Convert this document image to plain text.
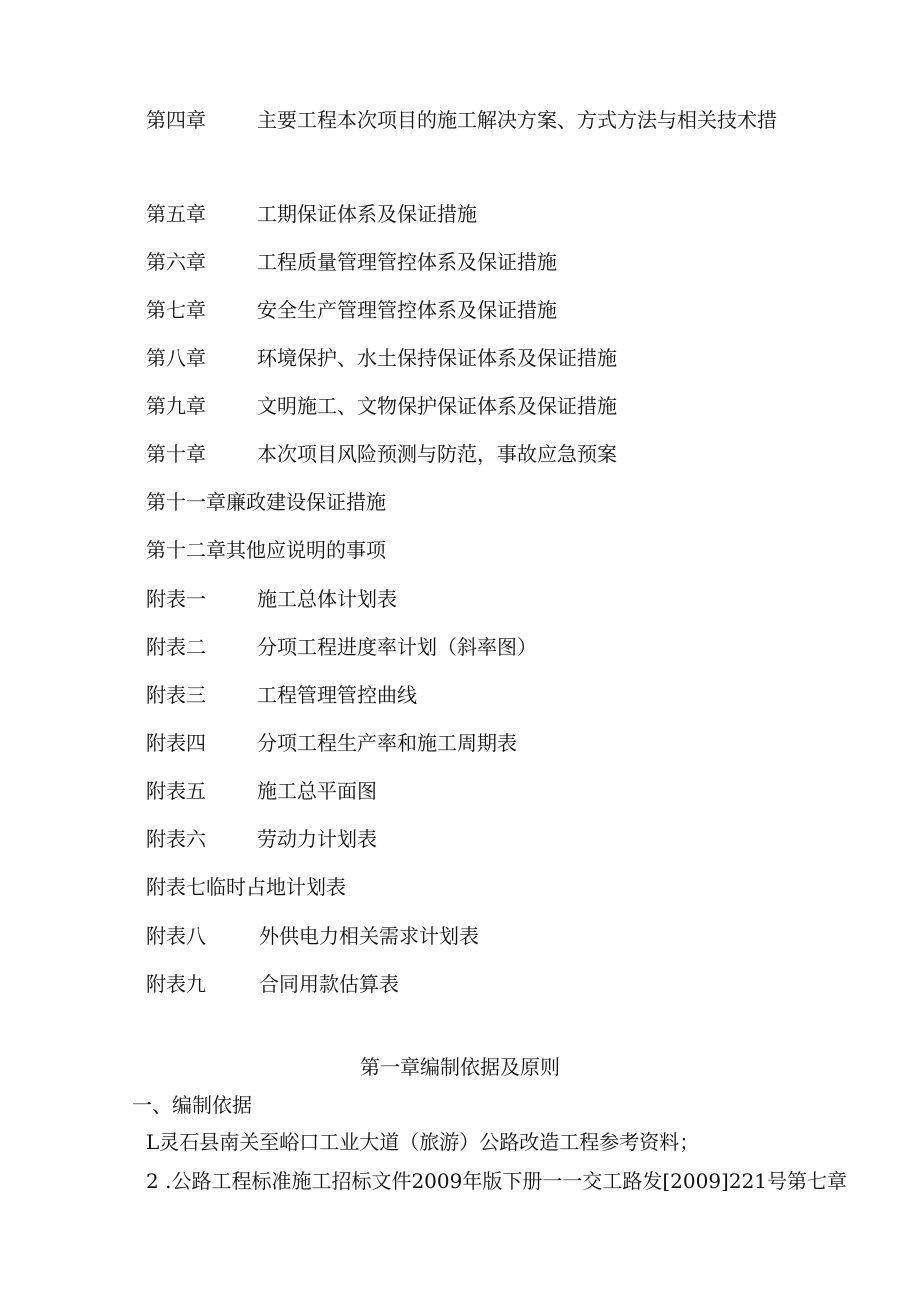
第四章	主要工程本次项目的施工解决方案、方式方法与相关技术措
第五章	工期保证体系及保证措施
第六章	工程质量管理管控体系及保证措施
第七章	安全生产管理管控体系及保证措施
第八章	环境保护、水土保持保证体系及保证措施
第九章	文明施工、文物保护保证体系及保证措施
第十章	本次项目风险预测与防范，事故应急预案
第十一章廉政建设保证措施
第十二章其他应说明的事项
附表一	施工总体计划表
附表二	分项工程进度率计划（斜率图）
附表三	工程管理管控曲线
附表四	分项工程生产率和施工周期表
附表五	施工总平面图
附表六	劳动力计划表
附表七临时占地计划表
附表八	外供电力相关需求计划表
附表九	合同用款估算表
第一章编制依据及原则
一、编制依据
L灵石县南关至峪口工业大道（旅游）公路改造工程参考资料；
2 .公路工程标准施工招标文件2009年版下册一一交工路发[2009]221号第七章
